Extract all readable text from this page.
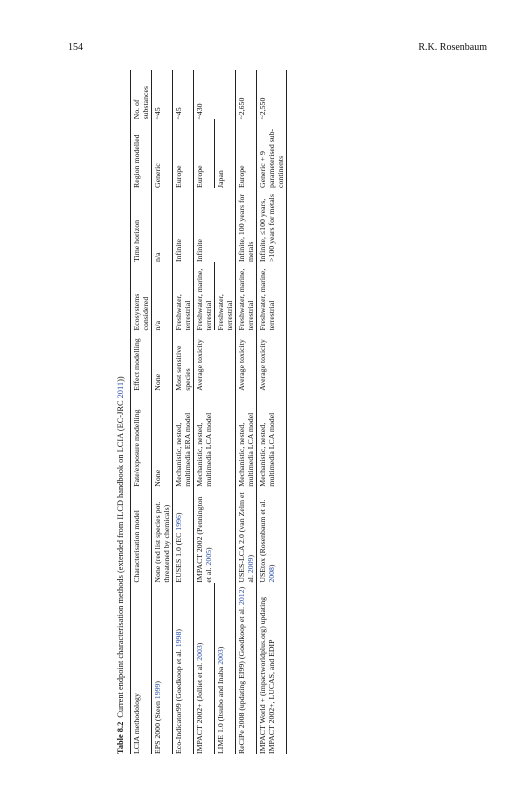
154	R.K. Rosenbaum
Table 8.2Current endpoint characterisation methods (extended from ILCD handbook on LCIA (EC-JRC 2011))
LCIA methodology	Characterisation model	Fate/exposure modelling	Effect modelling	Ecosystems considered	Time horizon	Region modelled	No. of substances
EPS 2000 (Steen 1999)	None (red list species pot. threatened by chemicals)	None	None	n/a	n/a	Generic	~45
Eco-Indicator99 (Goedkoop et al. 1998)	EUSES 1.0 (EC 1996)	Mechanistic, nested, multimedia ERA model	Most sensitive species	Freshwater, terrestrial	Infinite	Europe	~45
IMPACT 2002+ (Jolliet et al. 2003)	IMPACT 2002 (Pennington et al. 2005)	Mechanistic, nested, multimedia LCA model	Average toxicity	Freshwater, marine, terrestrial	Infinite	Europe	~430
LIME 1.0 (Itsubo and Inaba 2003)				Freshwater, terrestrial		Japan	
ReCiPe 2008 (updating EI99) (Goedkoop et al. 2012)	USES-LCA 2.0 (van Zelm et al. 2009)	Mechanistic, nested, multimedia LCA model	Average toxicity	Freshwater, marine, terrestrial	Infinite, 100 years for metals	Europe	~2,650
IMPACT World + (impactworldplus.org) updating IMPACT 2002+, LUCAS, and EDIP	USEtox (Rosenbaum et al. 2008)	Mechanistic, nested, multimedia LCA model	Average toxicity	Freshwater, marine, terrestrial	Infinite, ≤100 years, >100 years for metals	Generic + 9 parameterised sub-continents	~2,550
